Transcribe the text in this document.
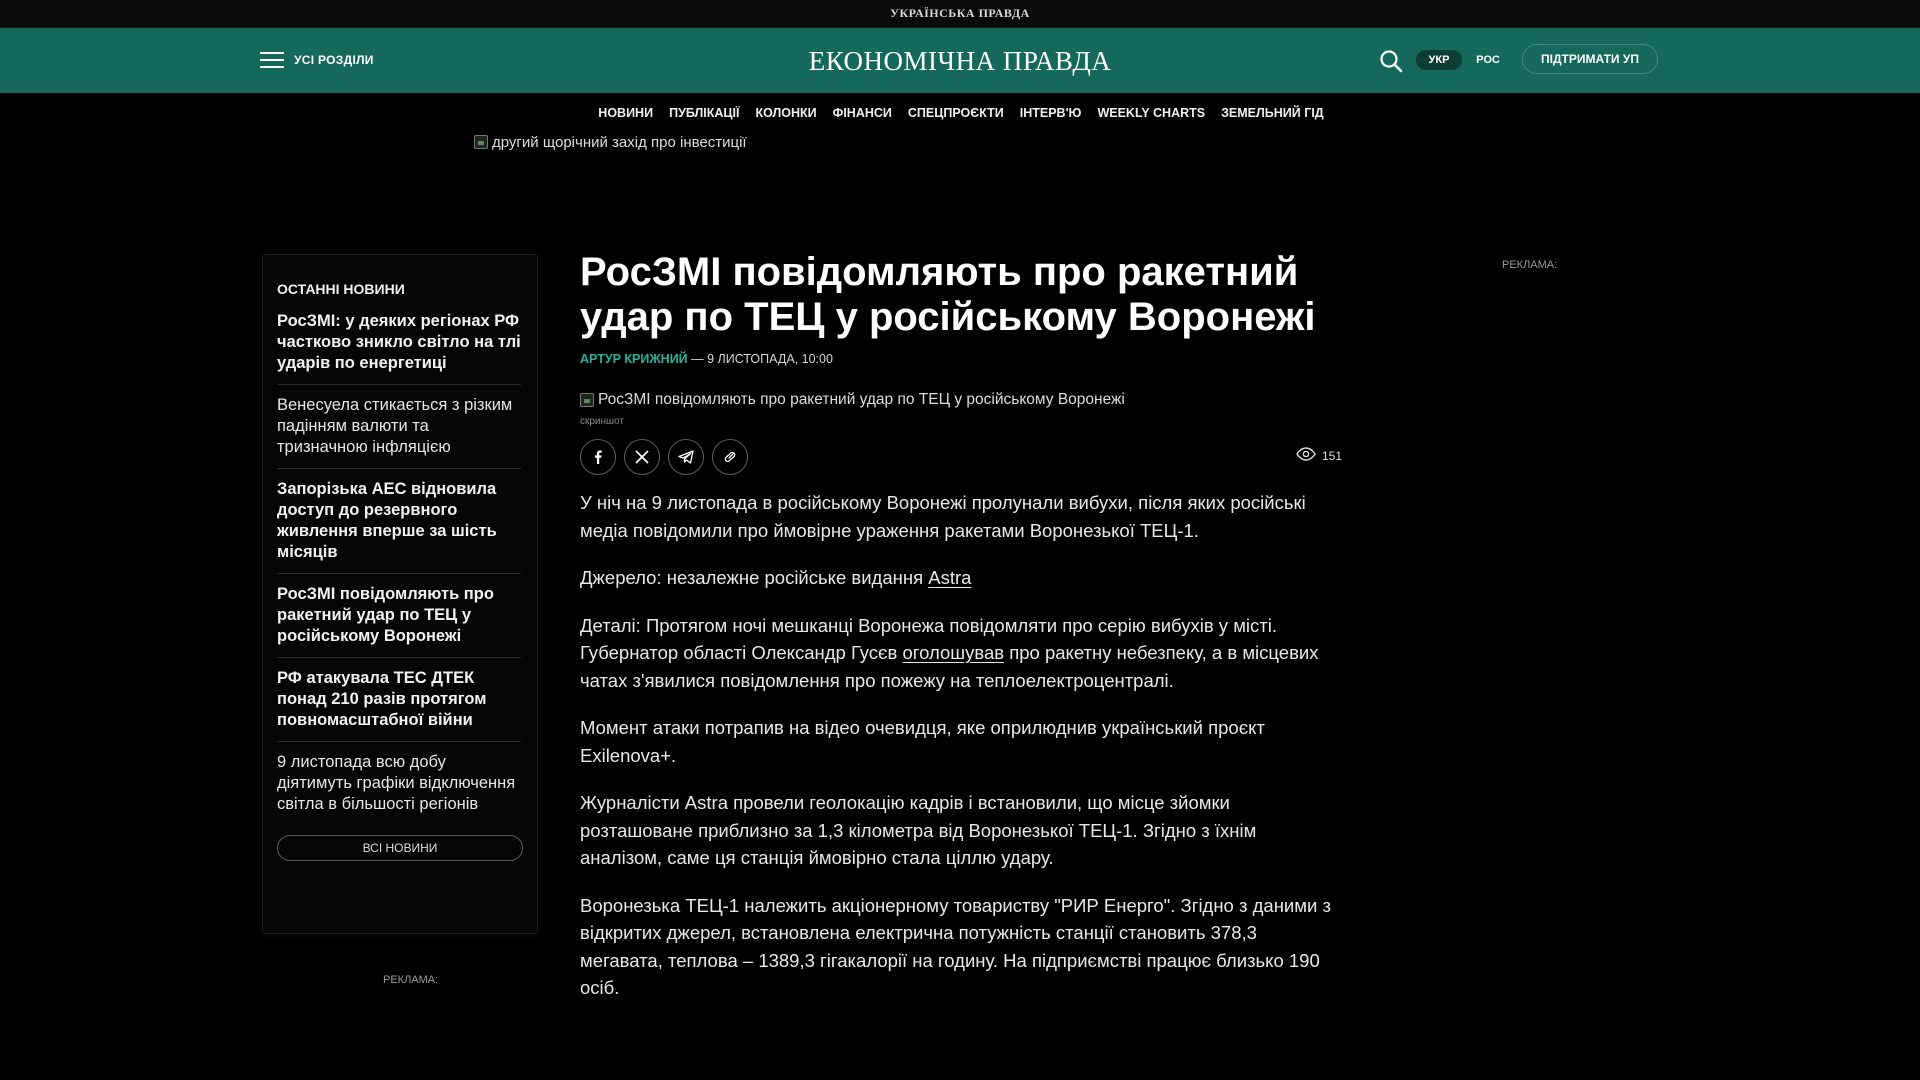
УКРАЇНСЬКА ПРАВДА
УСІ РОЗДІЛИ	ЕКОНОМІЧНА ПРАВДА	УКР	РОС	ПІДТРИМАТИ УП
НОВИНИ ПУБЛІКАЦІЇ КОЛОНКИ ФІНАНСИ СПЕЦПРОЄКТИ ІНТЕРВ'Ю WEEKLY CHARTS ЗЕМЕЛЬНИЙ ГІД
другий щорічний захід про інвестиції
ОСТАННІ НОВИНИ
РосЗМІ: у деяких регіонах РФ частково зникло світло на тлі ударів по енергетиці
Венесуела стикається з різким падінням валюти та тризначною інфляцією
Запорізька АЕС відновила доступ до резервного живлення вперше за шість місяців
РосЗМІ повідомляють про ракетний удар по ТЕЦ у російському Воронежі
РФ атакувала ТЕС ДТЕК понад 210 разів протягом повномасштабної війни
9 листопада всю добу діятимуть графіки відключення світла в більшості регіонів
ВСІ НОВИНИ
РЕКЛАМА:
РЕКЛАМА:
РосЗМІ повідомляють про ракетний удар по ТЕЦ у російському Воронежі
АРТУР КРИЖНИЙ — 9 ЛИСТОПАДА, 10:00
РосЗМІ повідомляють про ракетний удар по ТЕЦ у російському Воронежі
скриншот
151

У ніч на 9 листопада в російському Воронежі пролунали вибухи, після яких російські медіа повідомили про ймовірне ураження ракетами Воронезької ТЕЦ-1.

Джерело: незалежне російське видання Astra

Деталі: Протягом ночі мешканці Воронежа повідомляти про серію вибухів у місті. Губернатор області Олександр Гусєв оголошував про ракетну небезпеку, а в місцевих чатах з'явилися повідомлення про пожежу на теплоелектроцентралі.

Момент атаки потрапив на відео очевидця, яке оприлюднив український проєкт Exilenova+.

Журналісти Astra провели геолокацію кадрів і встановили, що місце зйомки розташоване приблизно за 1,3 кілометра від Воронезької ТЕЦ-1. Згідно з їхнім аналізом, саме ця станція ймовірно стала ціллю удару.

Воронезька ТЕЦ-1 належить акціонерному товариству "РИР Енерго". Згідно з даними з відкритих джерел, встановлена електрична потужність станції становить 378,3 мегавата, теплова – 1389,3 гігакалорії на годину. На підприємстві працює близько 190 осіб.
